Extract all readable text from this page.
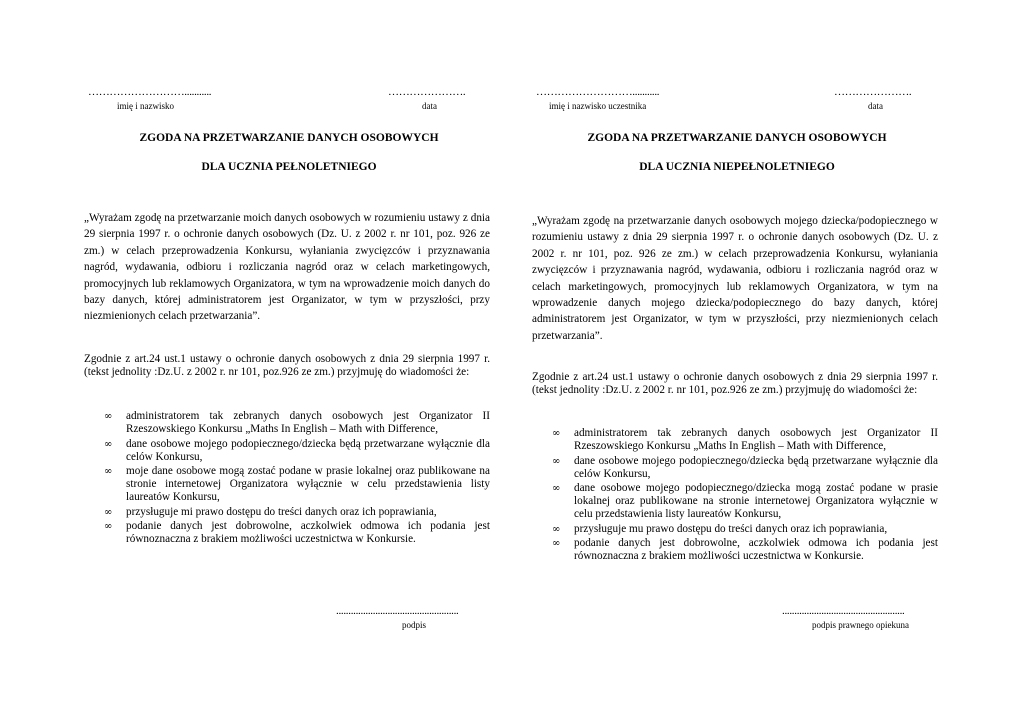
………………………...........
imię i nazwisko
………………….
data
ZGODA NA PRZETWARZANIE DANYCH OSOBOWYCH
DLA UCZNIA PEŁNOLETNIEGO

„Wyrażam zgodę na przetwarzanie moich danych osobowych w rozumieniu ustawy z dnia 29 sierpnia 1997 r. o ochronie danych osobowych (Dz. U. z 2002 r. nr 101, poz. 926 ze zm.) w celach przeprowadzenia Konkursu, wyłaniania zwycięzców i przyznawania nagród, wydawania, odbioru i rozliczania nagród oraz w celach marketingowych, promocyjnych lub reklamowych Organizatora, w tym na wprowadzenie moich danych do bazy danych, której administratorem jest Organizator, w tym w przyszłości, przy niezmienionych celach przetwarzania”.

Zgodnie z art.24 ust.1 ustawy o ochronie danych osobowych z dnia 29 sierpnia 1997 r. (tekst jednolity :Dz.U. z 2002 r. nr 101, poz.926 ze zm.) przyjmuję do wiadomości że:

∞ administratorem tak zebranych danych osobowych jest Organizator II Rzeszowskiego Konkursu „Maths In English – Math with Difference,
∞ dane osobowe mojego podopiecznego/dziecka będą przetwarzane wyłącznie dla celów Konkursu,
∞ moje dane osobowe mogą zostać podane w prasie lokalnej oraz publikowane na stronie internetowej Organizatora wyłącznie w celu przedstawienia listy laureatów Konkursu,
∞ przysługuje mi prawo dostępu do treści danych oraz ich poprawiania,
∞ podanie danych jest dobrowolne, aczkolwiek odmowa ich podania jest równoznaczna z brakiem możliwości uczestnictwa w Konkursie.
..................................................
podpis
………………………...........
imię i nazwisko uczestnika
………………….
data
ZGODA NA PRZETWARZANIE DANYCH OSOBOWYCH
DLA UCZNIA NIEPEŁNOLETNIEGO

„Wyrażam zgodę na przetwarzanie danych osobowych mojego dziecka/podopiecznego w rozumieniu ustawy z dnia 29 sierpnia 1997 r. o ochronie danych osobowych (Dz. U. z 2002 r. nr 101, poz. 926 ze zm.) w celach przeprowadzenia Konkursu, wyłaniania zwycięzców i przyznawania nagród, wydawania, odbioru i rozliczania nagród oraz w celach marketingowych, promocyjnych lub reklamowych Organizatora, w tym na wprowadzenie danych mojego dziecka/podopiecznego do bazy danych, której administratorem jest Organizator, w tym w przyszłości, przy niezmienionych celach przetwarzania”.

Zgodnie z art.24 ust.1 ustawy o ochronie danych osobowych z dnia 29 sierpnia 1997 r. (tekst jednolity :Dz.U. z 2002 r. nr 101, poz.926 ze zm.) przyjmuję do wiadomości że:

∞ administratorem tak zebranych danych osobowych jest Organizator II Rzeszowskiego Konkursu „Maths In English – Math with Difference,
∞ dane osobowe mojego podopiecznego/dziecka będą przetwarzane wyłącznie dla celów Konkursu,
∞ dane osobowe mojego podopiecznego/dziecka mogą zostać podane w prasie lokalnej oraz publikowane na stronie internetowej Organizatora wyłącznie w celu przedstawienia listy laureatów Konkursu,
∞ przysługuje mu prawo dostępu do treści danych oraz ich poprawiania,
∞ podanie danych jest dobrowolne, aczkolwiek odmowa ich podania jest równoznaczna z brakiem możliwości uczestnictwa w Konkursie.
..................................................
podpis prawnego opiekuna
